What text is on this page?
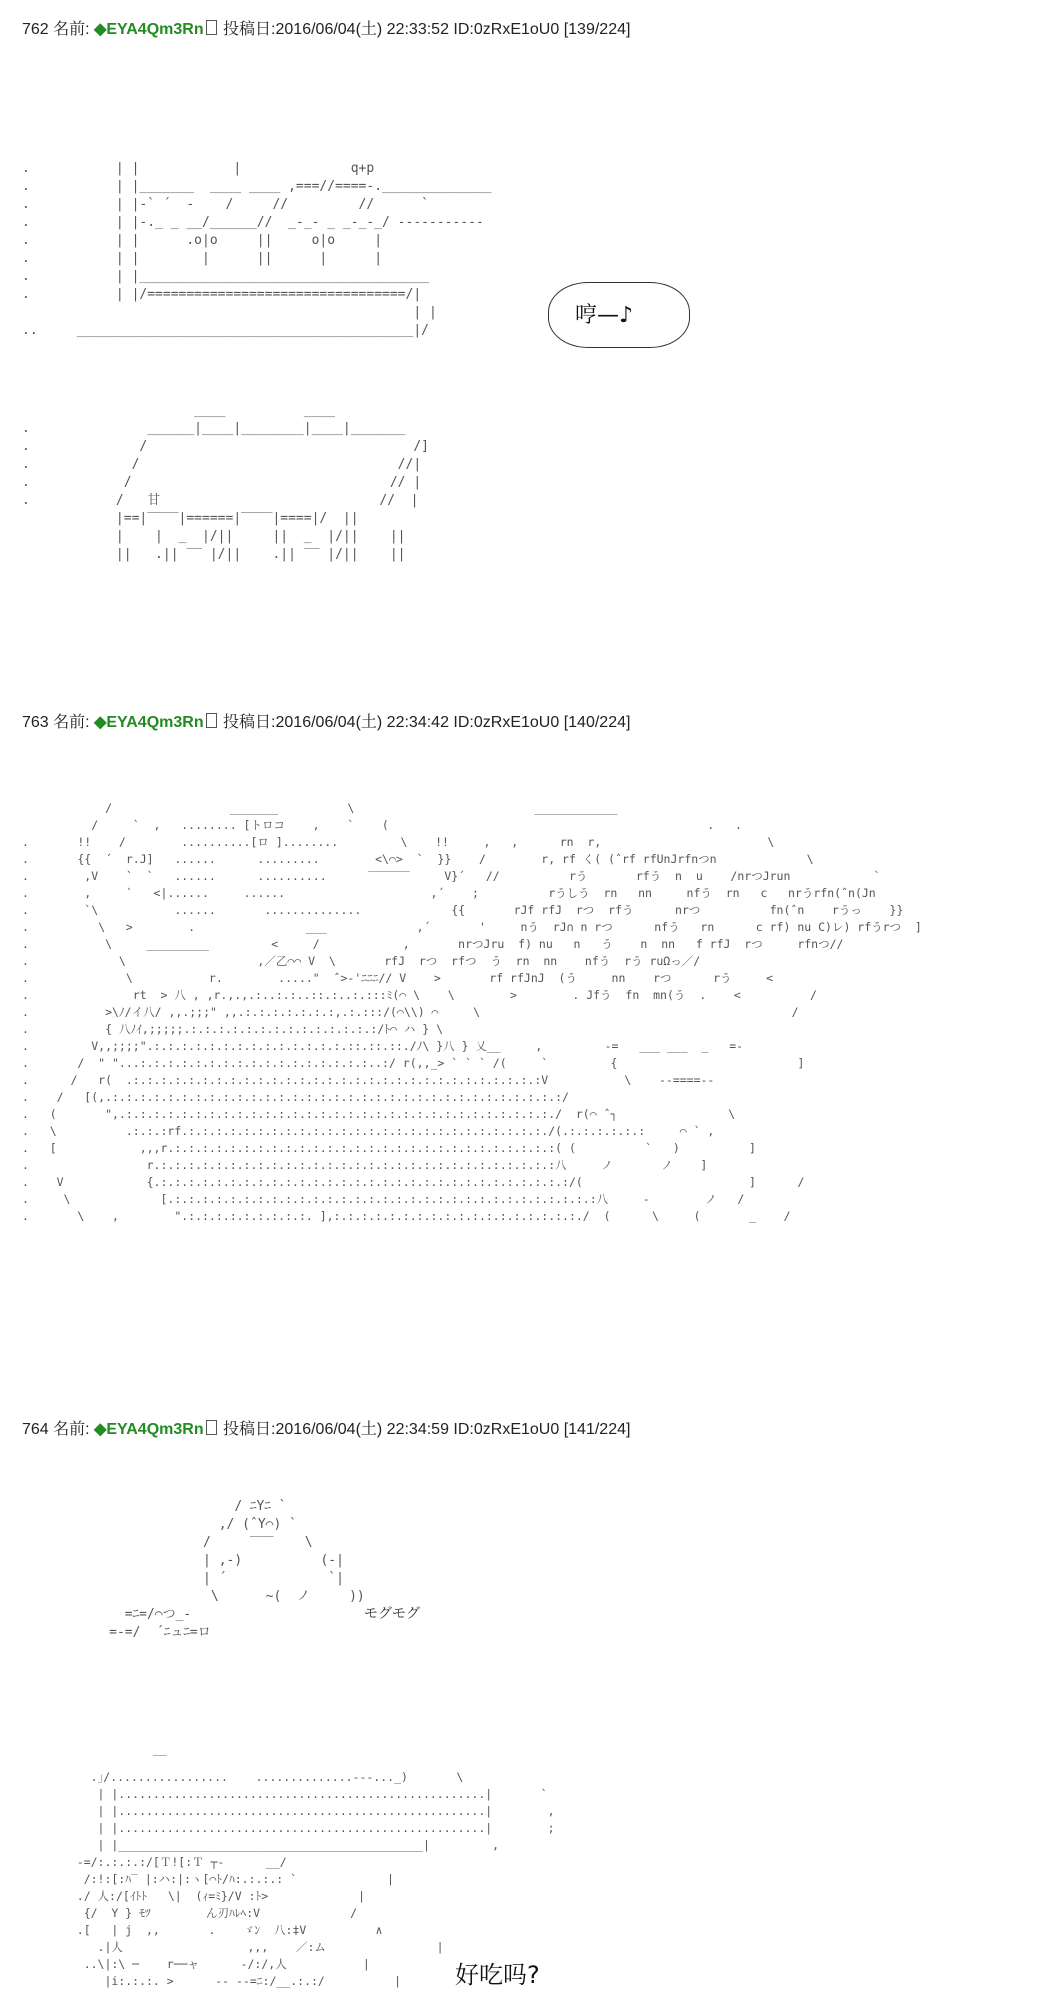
762 名前: ◆EYA4Qm3Rn 投稿日:2016/06/04(土) 22:33:52 ID:0zRxE1oU0 [139/224]
.           | |            |              q+p
.           | |_______  ____ ____ ,===//====-.______________
.           | |-` ´  -    /     //         //      `
.           | |-._ _ __/______//  _-_- _ _-_-_/ -----------
.           | |      .o|o     ||     o|o     |
.           | |        |      ||      |      |
.           | |_____________________________________
.           | |/=================================/|
| |
..     ___________________________________________|/
哼—♪
____          ____
.               ______|____|________|____|_______
.              /                                  /]
.             /                                 //|
.            /                                 // |
.           /   甘                            //  |
|==|‾‾‾‾|======|‾‾‾‾|====|/  ||
|    |  _  |/||     ||  _  |/||    ||
||   .|| ‾‾ |/||    .|| ‾‾ |/||    ||
763 名前: ◆EYA4Qm3Rn 投稿日:2016/06/04(土) 22:34:42 ID:0zRxE1oU0 [140/224]
/                 _______          \                          ____________
/     `  ,   ........ [トロコ    ,    `    (                                              .   .
.       !!    /        ..........[ロ ]........         \    !!     ,   ,      rn  r,                        \
.       {{  ´  r.J]   ......      .........        <\⌒>  `  }}    /        r, rf く( (ˆrf rfUnJrfnつn             \
.        ,V    `  `   ......      ..........      ‾‾‾‾‾‾     V}´   //          rう       rfう  n  u    /nrつJrun            `
.        ,     `   <|......     ......                     ,´    ;          rうしう  rn   nn     nfう  rn   c   nrうrfn(ˆn(Jn
.        `\           ......       ..............             {{       rJf rfJ  rつ  rfう      nrつ          fn(ˆn    rうっ    }}
.          \   >        .                ___             ,´       '     nう  rJ∩ n rつ      nfう   rn      c rf) nu C)レ) rfうrつ  ]
.           \     _________         <     /            ,       nrつJru  f) nu   n   う    n  nn   f rfJ  rつ     rfnつ//
.             \                   ,／乙⌒⌒ V  \       rfJ  rつ  rfつ  う  rn  nn    nfう  rう ruΩっ／/
.              \           r.        ....."  ˆ>‐'ﾆﾆﾆ// V    >       rf rfJnJ  (う     nn    rつ      rう     <
.               rt  > 八 , ,r.,.,.:..:.:..::.:..:.:::ﾐ(⌒ \    \        >        . Jfう  fn  mn(う  .    <          /
.           >\ﾉ/イ八/ ,,.;;;" ,,.:.:.:.:.:.:.:,.:.:::/(⌒\\) ⌒     \                                             /
.           { 八ﾉｲ,;;;;;.:.:.:.:.:.:.:.:.:.:.:.:.:.:/ﾄ⌒ ハ } \
.         V,,;;;;".:.:.:.:.:.:.:.:.:.:.:.:.:.:.::.::.::./ﾉ\ }八 } 乂__     ,         ‐=   ___ ___  _   =‐
.       /  " "...:.:.:.:.:.:.:.:.:.:.:.:.:.:.:.:.:..:/ r(,,_> ` ` ` /(     `         {                          ]
.      /   r(  .:.:.:.:.:.:.:.:.:.:.:.:.:.:.:.:.:.:.:.:.:.:.:.:.:.:.:.:.:.:V           \    ‐‐====‐‐
.    /   [(,.:.:.:.:.:.:.:.:.:.:.:.:.:.:.:.:.:.:.:.:.:.:.:.:.:.:.:.:.:.:.:.:.:/
.   (       ",.:.:.:.:.:.:.:.:.:.:.:.:.:.:.:.:.:.:.:.:.:.:.:.:.:.:.:.:.:.:.:./  r(⌒ ˆ┐                \
.   \          .:.:.:rf.:.:.:.:.:.:.:.:.:.:.:.:.:.:.:.:.:.:.:.:.:.:.:.:.:.:./(.:.:.:.:.:.:     ⌒ ` ,
.   [            ,,,r.:.:.:.:.:.:.:.:.:.:.:.:.:.:.:.:.:.:.:.:.:.:.:.:.:.:.:.:( (          `   )          ]
.                 r.:.:.:.:.:.:.:.:.:.:.:.:.:.:.:.:.:.:.:.:.:.:.:.:.:.:.:.:.:八     ノ       ノ    ]
.    V            {.:.:.:.:.:.:.:.:.:.:.:.:.:.:.:.:.:.:.:.:.:.:.:.:.:.:.:.:.:.:/(                        ]      /
.     \             [.:.:.:.:.:.:.:.:.:.:.:.:.:.:.:.:.:.:.:.:.:.:.:.:.:.:.:.:.:.:.:八     ‐        ノ   /
.       \    ,        ".:.:.:.:.:.:.:.:.:. ],:.:.:.:.:.:.:.:.:.:.:.:.:.:.:.:.:.:./  (      \     (       _    /
764 名前: ◆EYA4Qm3Rn 投稿日:2016/06/04(土) 22:34:59 ID:0zRxE1oU0 [141/224]
/ ﾆYﾆ `
,/ (ˆY⌒) `
/     ‾‾‾    \
| ,-)          (-|
| ´             `|
\      ~(  ノ     ))
=ﾆ=/⌒つ_‐
=‐=/  ´ﾆュﾆ=ロ
モグモグ
‾‾
.｣/.................    ..............‐‐‐..._)       \
| |.....................................................|       `
| |.....................................................|        ,
| |.....................................................|        ;
| |____________________________________________|         ,
‐=/:.:.:.:/[Ｔ![:Ｔ ┬‐      __/
/:!:[:ﾊ‾ |:ハ:|:ヽ[⌒ﾄ/ﾊ:.:.:.: `             |
./ 人:/[ｲﾄﾄ   \|  (ｨ=ﾐ}/V :ﾄ>             |
{/  Y } ﾓﾂ        ん刃ﾊﾚﾍ:V             /
.[   | j  ,,       .    ゞﾝ  八:‡V          ∧
.|人                  ,,,    ／:ム                |
..\|:\ ─    r──ャ      ‐/:/,人           |
|i:.:.:. >      ‐‐ ‐‐=ﾆ:/__.:.:/          |	好吃吗?
